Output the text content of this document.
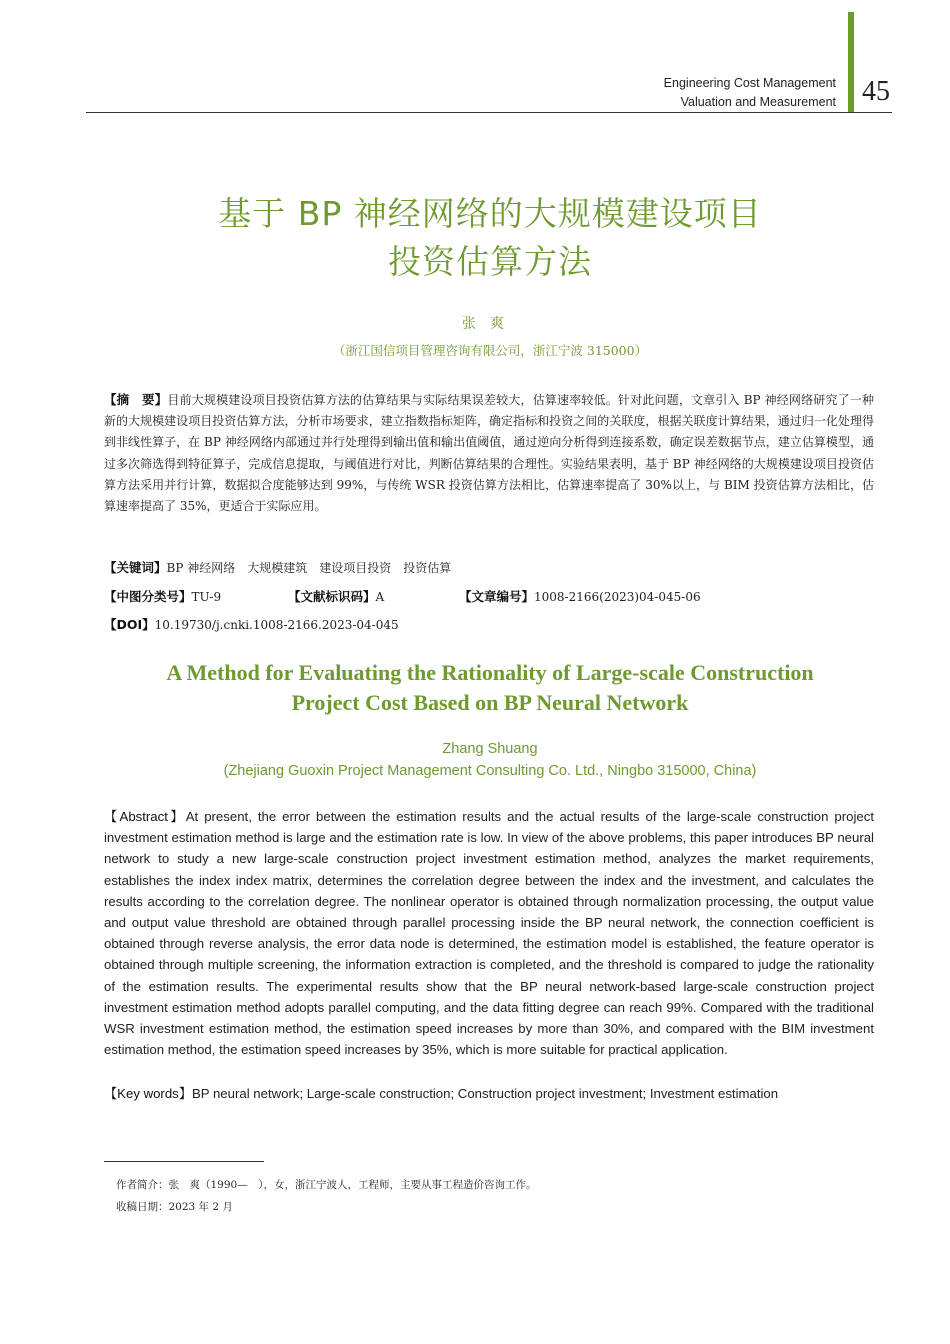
Engineering Cost Management
Valuation and Measurement 45
基于 BP 神经网络的大规模建设项目
投资估算方法
张爽
（浙江国信项目管理咨询有限公司，浙江宁波 315000）
【摘　要】目前大规模建设项目投资估算方法的估算结果与实际结果误差较大，估算速率较低。针对此问题，文章引入 BP 神经网络研究了一种新的大规模建设项目投资估算方法，分析市场要求，建立指数指标矩阵，确定指标和投资之间的关联度，根据关联度计算结果，通过归一化处理得到非线性算子，在 BP 神经网络内部通过并行处理得到输出值和输出值阈值，通过逆向分析得到连接系数，确定误差数据节点，建立估算模型，通过多次筛选得到特征算子，完成信息提取，与阈值进行对比，判断估算结果的合理性。实验结果表明，基于 BP 神经网络的大规模建设项目投资估算方法采用并行计算，数据拟合度能够达到 99%，与传统 WSR 投资估算方法相比，估算速率提高了 30%以上，与 BIM 投资估算方法相比，估算速率提高了 35%，更适合于实际应用。
【关键词】BP 神经网络　大规模建筑　建设项目投资　投资估算
【中图分类号】TU-9	【文献标识码】A	【文章编号】1008-2166(2023)04-045-06
【DOI】10.19730/j.cnki.1008-2166.2023-04-045
A Method for Evaluating the Rationality of Large-scale Construction
Project Cost Based on BP Neural Network
Zhang Shuang
(Zhejiang Guoxin Project Management Consulting Co. Ltd., Ningbo 315000, China)
【Abstract】At present, the error between the estimation results and the actual results of the large-scale construction project investment estimation method is large and the estimation rate is low. In view of the above problems, this paper introduces BP neural network to study a new large-scale construction project investment estimation method, analyzes the market requirements, establishes the index index matrix, determines the correlation degree between the index and the investment, and calculates the results according to the correlation degree. The nonlinear operator is obtained through normalization processing, the output value and output value threshold are obtained through parallel processing inside the BP neural network, the connection coefficient is obtained through reverse analysis, the error data node is determined, the estimation model is established, the feature operator is obtained through multiple screening, the information extraction is completed, and the threshold is compared to judge the rationality of the estimation results. The experimental results show that the BP neural network-based large-scale construction project investment estimation method adopts parallel computing, and the data fitting degree can reach 99%. Compared with the traditional WSR investment estimation method, the estimation speed increases by more than 30%, and compared with the BIM investment estimation method, the estimation speed increases by 35%, which is more suitable for practical application.
【Key words】BP neural network; Large-scale construction; Construction project investment; Investment estimation
作者简介：张　爽（1990—　），女，浙江宁波人，工程师，主要从事工程造价咨询工作。
收稿日期：2023 年 2 月
